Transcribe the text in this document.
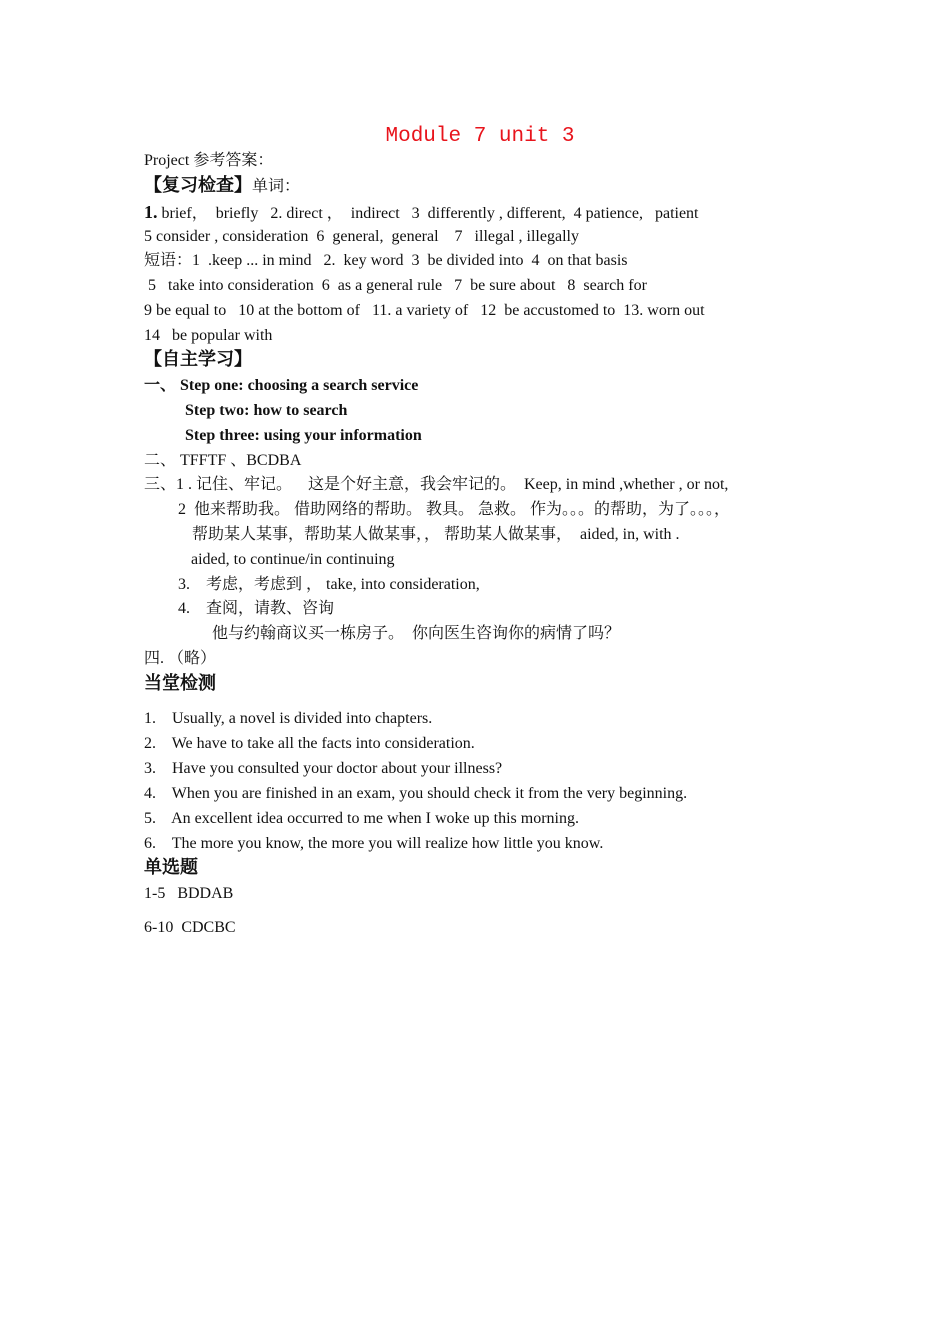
Module 7 unit 3
Project 参考答案：
【复习检查】单词：
1. brief，  briefly   2. direct ，  indirect   3  differently , different,  4 patience,   patient
5 consider , consideration  6  general,  general    7   illegal , illegally
短语：1  .keep ... in mind   2.  key word  3  be divided into  4  on that basis
5   take into consideration  6  as a general rule   7  be sure about   8  search for
9 be equal to   10 at the bottom of   11. a variety of   12  be accustomed to  13. worn out
14   be popular with
【自主学习】
一、 Step one: choosing a search service
Step two: how to search
Step three: using your information
二、 TFFTF 、BCDBA
三、1 . 记住、牢记。    这是个好主意，我会牢记的。  Keep, in mind ,whether , or not,
2  他来帮助我。 借助网络的帮助。 教具。 急救。 作为。。。的帮助，为了。。。，
帮助某人某事，帮助某人做某事，， 帮助某人做某事，  aided, in, with .
aided, to continue/in continuing
3.    考虑，考虑到 ， take, into consideration,
4.    查阅，请教、咨询
他与约翰商议买一栋房子。  你向医生咨询你的病情了吗？
四. （略）
当堂检测
1.    Usually, a novel is divided into chapters.
2.    We have to take all the facts into consideration.
3.    Have you consulted your doctor about your illness?
4.    When you are finished in an exam, you should check it from the very beginning.
5.    An excellent idea occurred to me when I woke up this morning.
6.    The more you know, the more you will realize how little you know.
单选题
1-5   BDDAB
6-10  CDCBC
